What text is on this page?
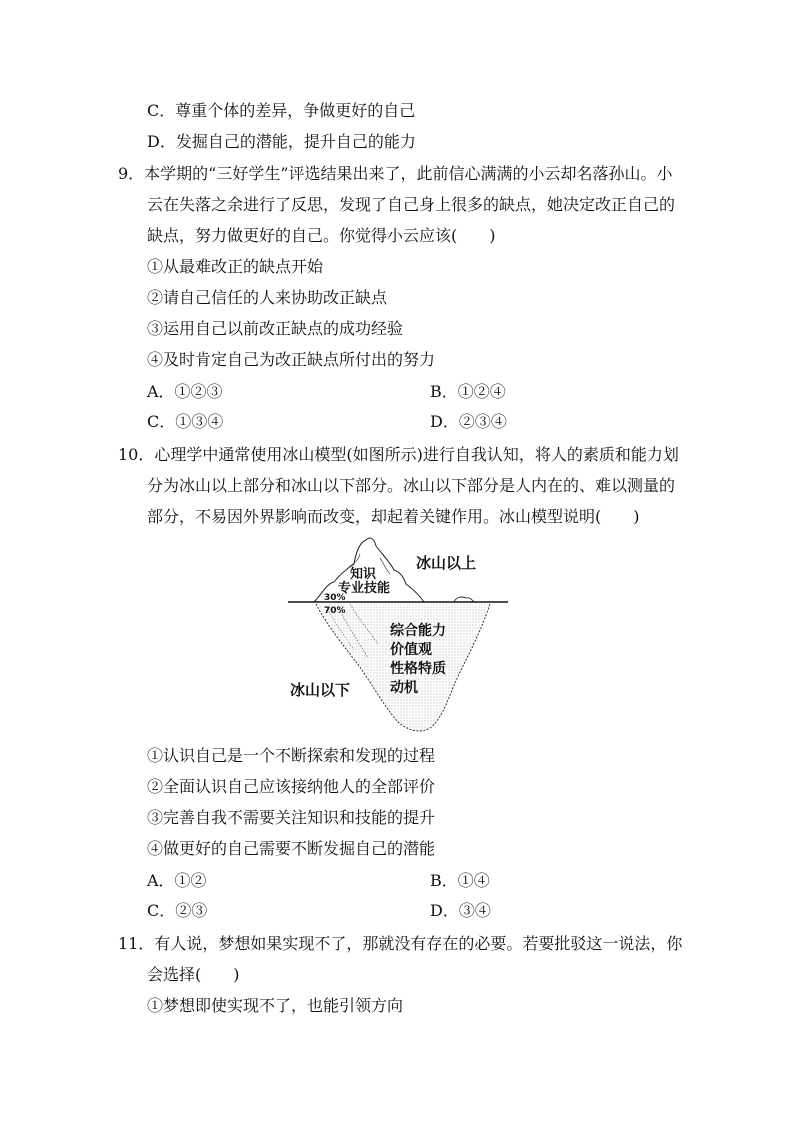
C．尊重个体的差异，争做更好的自己
D．发掘自己的潜能，提升自己的能力
9．本学期的“三好学生”评选结果出来了，此前信心满满的小云却名落孙山。小
云在失落之余进行了反思，发现了自己身上很多的缺点，她决定改正自己的
缺点，努力做更好的自己。你觉得小云应该(　　)
①从最难改正的缺点开始
②请自己信任的人来协助改正缺点
③运用自己以前改正缺点的成功经验
④及时肯定自己为改正缺点所付出的努力
A．①②③	B．①②④
C．①③④	D．②③④
10．心理学中通常使用冰山模型(如图所示)进行自我认知，将人的素质和能力划
分为冰山以上部分和冰山以下部分。冰山以下部分是人内在的、难以测量的
部分，不易因外界影响而改变，却起着关键作用。冰山模型说明(　　)
冰山以上
知识
专业技能
30%
70%
综合能力
价值观
性格特质
动机
冰山以下
①认识自己是一个不断探索和发现的过程
②全面认识自己应该接纳他人的全部评价
③完善自我不需要关注知识和技能的提升
④做更好的自己需要不断发掘自己的潜能
A．①②	B．①④
C．②③	D．③④
11．有人说，梦想如果实现不了，那就没有存在的必要。若要批驳这一说法，你
会选择(　　)
①梦想即使实现不了，也能引领方向
